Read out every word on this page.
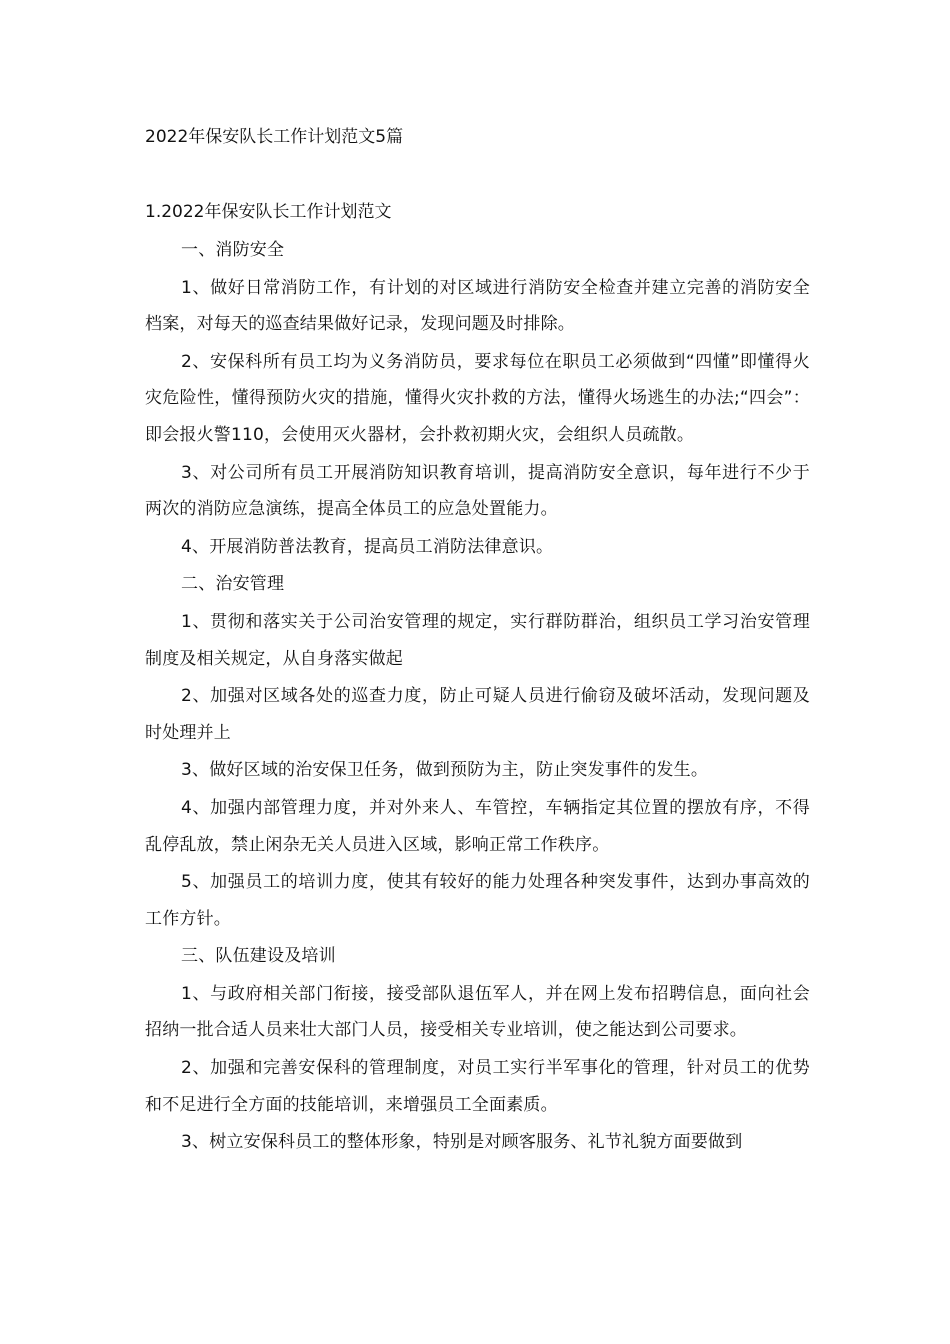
2022年保安队长工作计划范文5篇
1.2022年保安队长工作计划范文

一、消防安全

1、做好日常消防工作，有计划的对区域进行消防安全检查并建立完善的消防安全档案，对每天的巡查结果做好记录，发现问题及时排除。

2、安保科所有员工均为义务消防员，要求每位在职员工必须做到“四懂”即懂得火灾危险性，懂得预防火灾的措施，懂得火灾扑救的方法，懂得火场逃生的办法;“四会”：即会报火警110，会使用灭火器材，会扑救初期火灾，会组织人员疏散。

3、对公司所有员工开展消防知识教育培训，提高消防安全意识，每年进行不少于两次的消防应急演练，提高全体员工的应急处置能力。

4、开展消防普法教育，提高员工消防法律意识。

二、治安管理

1、贯彻和落实关于公司治安管理的规定，实行群防群治，组织员工学习治安管理制度及相关规定，从自身落实做起

2、加强对区域各处的巡查力度，防止可疑人员进行偷窃及破坏活动，发现问题及时处理并上

3、做好区域的治安保卫任务，做到预防为主，防止突发事件的发生。

4、加强内部管理力度，并对外来人、车管控，车辆指定其位置的摆放有序，不得乱停乱放，禁止闲杂无关人员进入区域，影响正常工作秩序。

5、加强员工的培训力度，使其有较好的能力处理各种突发事件，达到办事高效的工作方针。

三、队伍建设及培训

1、与政府相关部门衔接，接受部队退伍军人，并在网上发布招聘信息，面向社会招纳一批合适人员来壮大部门人员，接受相关专业培训，使之能达到公司要求。

2、加强和完善安保科的管理制度，对员工实行半军事化的管理，针对员工的优势和不足进行全方面的技能培训，来增强员工全面素质。

3、树立安保科员工的整体形象，特别是对顾客服务、礼节礼貌方面要做到
